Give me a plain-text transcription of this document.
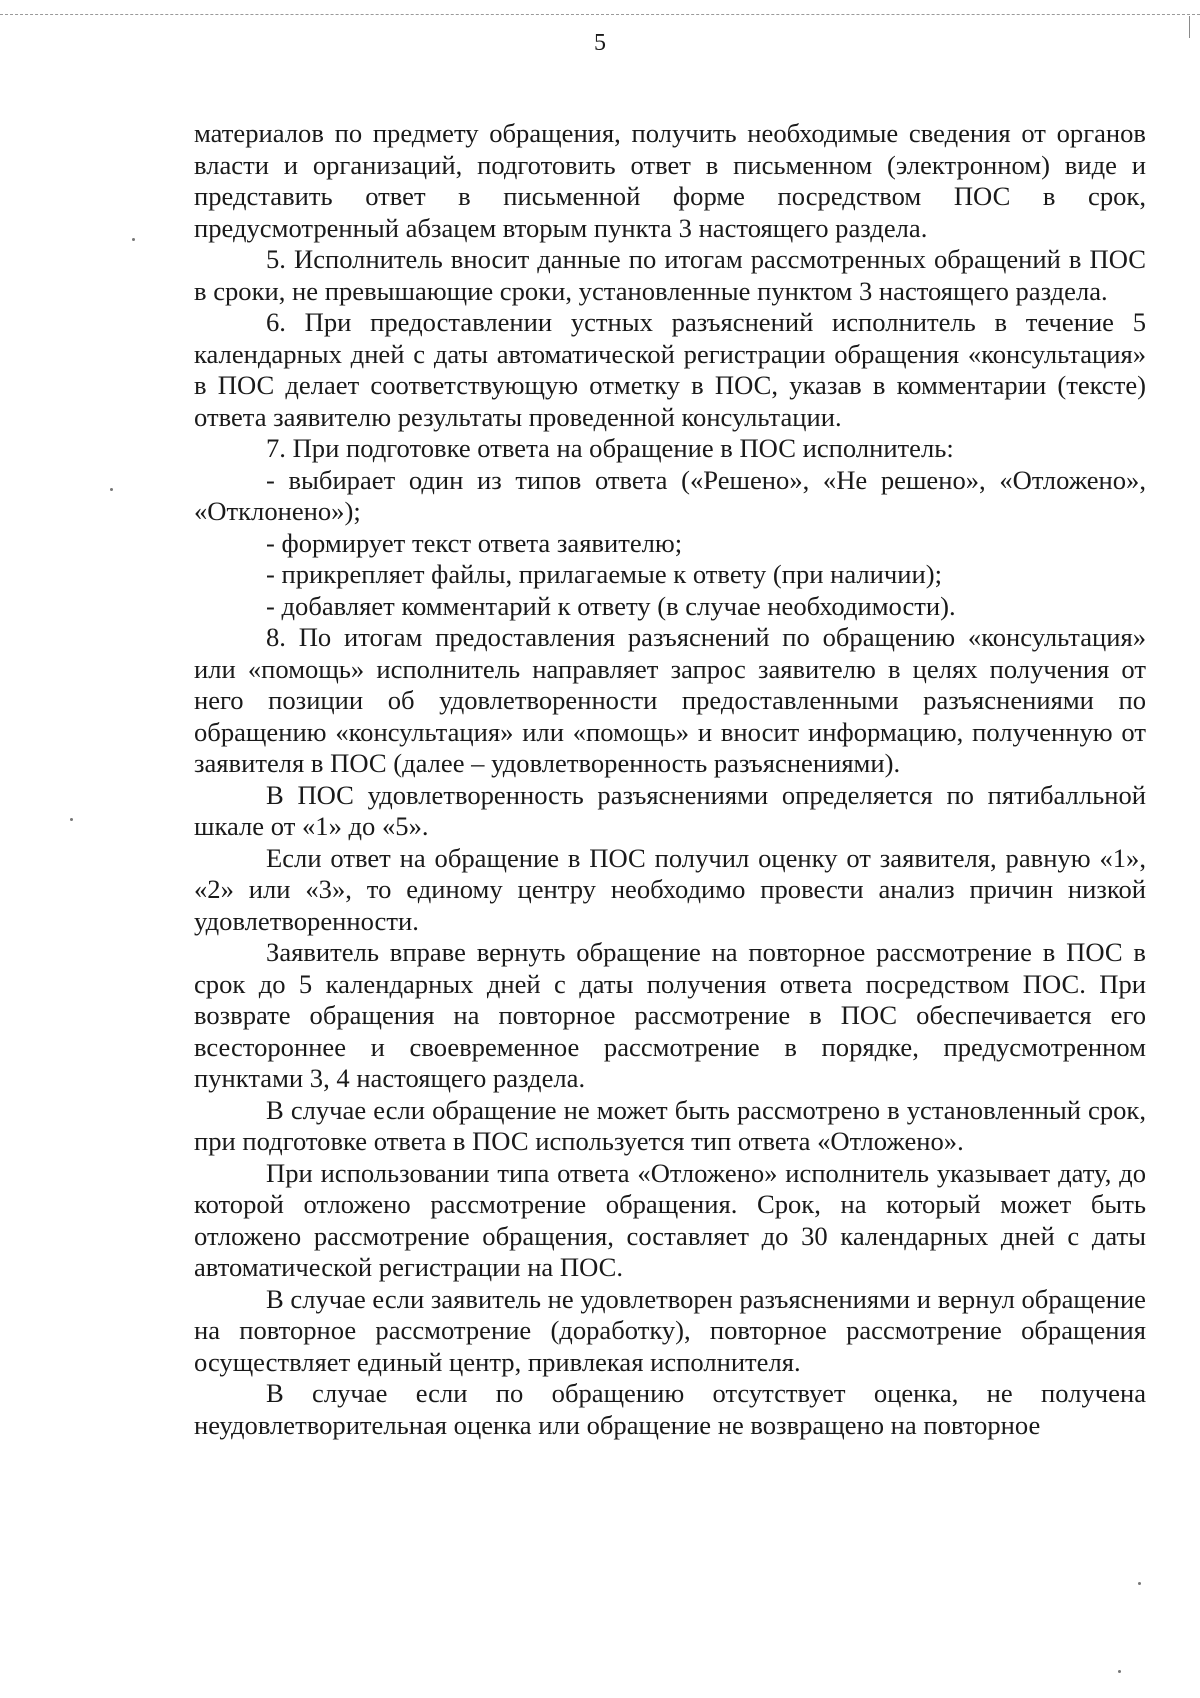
5

материалов по предмету обращения, получить необходимые сведения от органов власти и организаций, подготовить ответ в письменном (электронном) виде и представить ответ в письменной форме посредством ПОС в срок, предусмотренный абзацем вторым пункта 3 настоящего раздела.

5. Исполнитель вносит данные по итогам рассмотренных обращений в ПОС в сроки, не превышающие сроки, установленные пунктом 3 настоящего раздела.

6. При предоставлении устных разъяснений исполнитель в течение 5 календарных дней с даты автоматической регистрации обращения «консультация» в ПОС делает соответствующую отметку в ПОС, указав в комментарии (тексте) ответа заявителю результаты проведенной консультации.

7. При подготовке ответа на обращение в ПОС исполнитель:

- выбирает один из типов ответа («Решено», «Не решено», «Отложено», «Отклонено»);

- формирует текст ответа заявителю;

- прикрепляет файлы, прилагаемые к ответу (при наличии);

- добавляет комментарий к ответу (в случае необходимости).

8. По итогам предоставления разъяснений по обращению «консультация» или «помощь» исполнитель направляет запрос заявителю в целях получения от него позиции об удовлетворенности предоставленными разъяснениями по обращению «консультация» или «помощь» и вносит информацию, полученную от заявителя в ПОС (далее – удовлетворенность разъяснениями).

В ПОС удовлетворенность разъяснениями определяется по пятибалльной шкале от «1» до «5».

Если ответ на обращение в ПОС получил оценку от заявителя, равную «1», «2» или «3», то единому центру необходимо провести анализ причин низкой удовлетворенности.

Заявитель вправе вернуть обращение на повторное рассмотрение в ПОС в срок до 5 календарных дней с даты получения ответа посредством ПОС. При возврате обращения на повторное рассмотрение в ПОС обеспечивается его всестороннее и своевременное рассмотрение в порядке, предусмотренном пунктами 3, 4 настоящего раздела.

В случае если обращение не может быть рассмотрено в установленный срок, при подготовке ответа в ПОС используется тип ответа «Отложено».

При использовании типа ответа «Отложено» исполнитель указывает дату, до которой отложено рассмотрение обращения. Срок, на который может быть отложено рассмотрение обращения, составляет до 30 календарных дней с даты автоматической регистрации на ПОС.

В случае если заявитель не удовлетворен разъяснениями и вернул обращение на повторное рассмотрение (доработку), повторное рассмотрение обращения осуществляет единый центр, привлекая исполнителя.

В случае если по обращению отсутствует оценка, не получена неудовлетворительная оценка или обращение не возвращено на повторное
